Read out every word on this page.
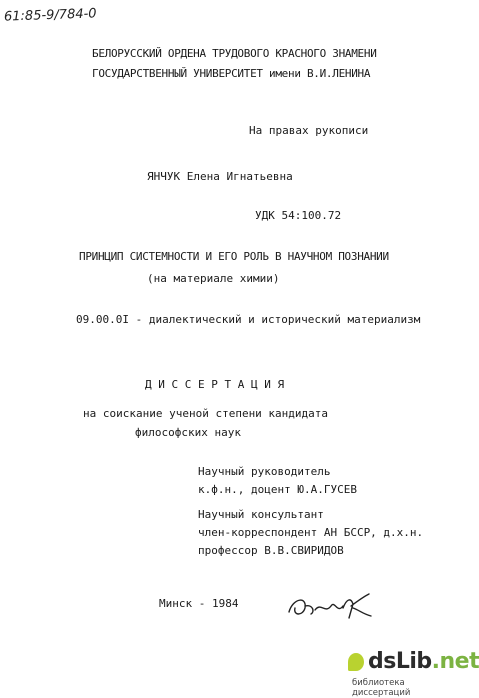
61:85-9/784-0
БЕЛОРУССКИЙ ОРДЕНА ТРУДОВОГО КРАСНОГО ЗНАМЕНИ
ГОСУДАРСТВЕННЫЙ УНИВЕРСИТЕТ имени В.И.ЛЕНИНА
На правах рукописи
ЯНЧУК Елена Игнатьевна
УДК 54:100.72
ПРИНЦИП СИСТЕМНОСТИ И ЕГО РОЛЬ В НАУЧНОМ ПОЗНАНИИ
(на материале химии)
09.00.0I - диалектический и исторический материализм
Д И С С Е Р Т А Ц И Я
на соискание ученой степени кандидата
философских наук
Научный руководитель
к.ф.н., доцент Ю.А.ГУСЕВ
Научный консультант
член-корреспондент АН БССР, д.х.н.
профессор В.В.СВИРИДОВ
Минск - 1984
dsLib.net
библиотека диссертаций
